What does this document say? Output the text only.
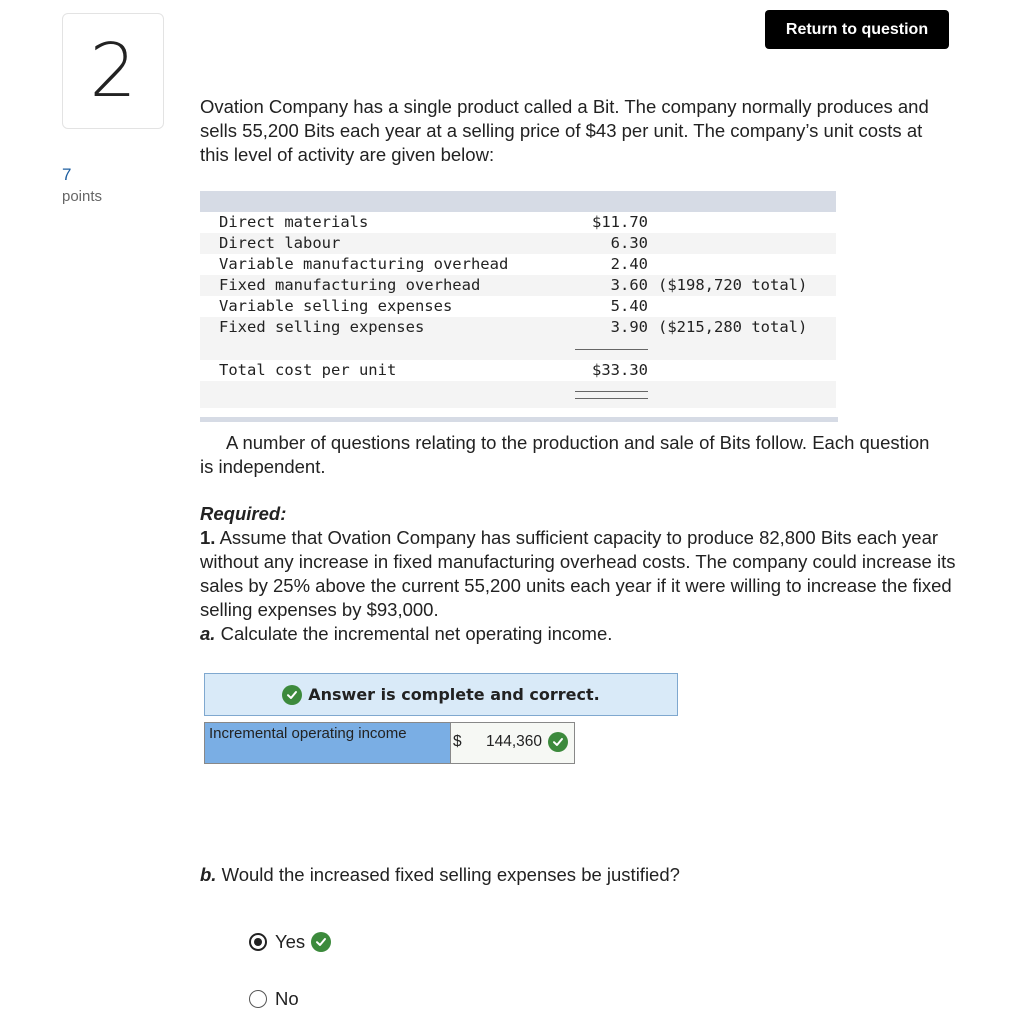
2
7
points
Return to question
Ovation Company has a single product called a Bit. The company normally produces and sells 55,200 Bits each year at a selling price of $43 per unit. The company’s unit costs at this level of activity are given below:
Direct materials	$11.70
Direct labour	6.30
Variable manufacturing overhead	2.40
Fixed manufacturing overhead	3.60 ($198,720 total)
Variable selling expenses	5.40
Fixed selling expenses	3.90 ($215,280 total)
Total cost per unit	$33.30
A number of questions relating to the production and sale of Bits follow. Each question is independent.
Required:
1. Assume that Ovation Company has sufficient capacity to produce 82,800 Bits each year without any increase in fixed manufacturing overhead costs. The company could increase its sales by 25% above the current 55,200 units each year if it were willing to increase the fixed selling expenses by $93,000.
a. Calculate the incremental net operating income.
Answer is complete and correct.
Incremental operating income	$ 144,360
b. Would the increased fixed selling expenses be justified?
Yes
No
